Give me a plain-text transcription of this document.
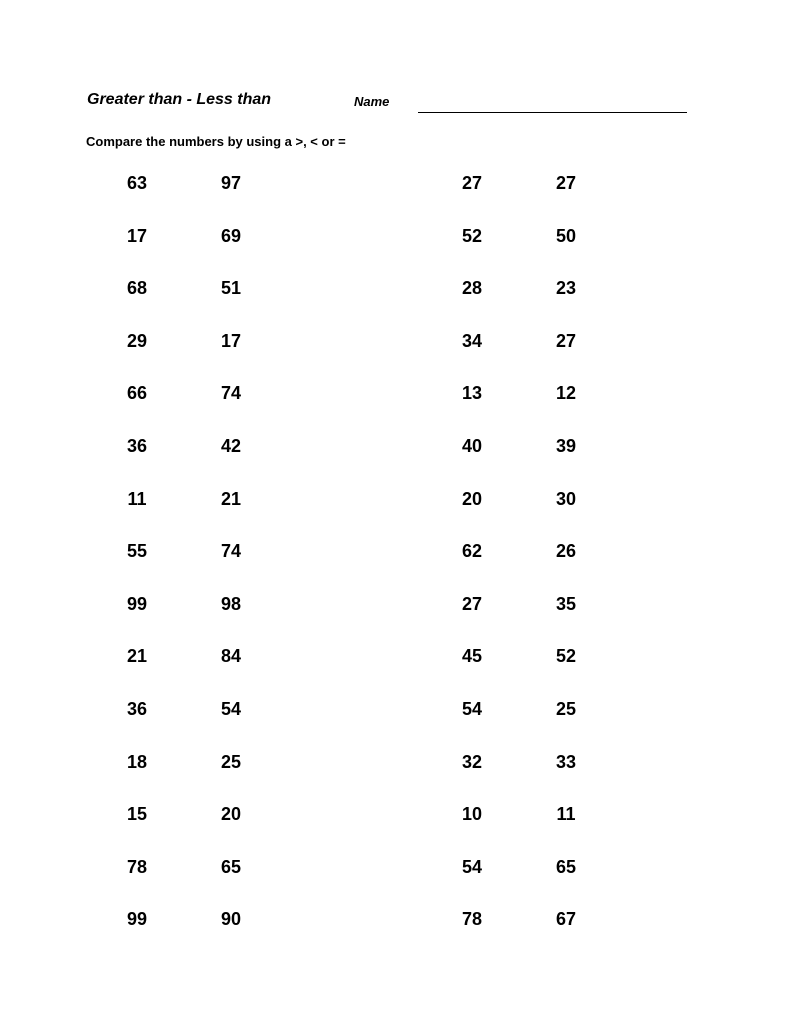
Greater than - Less than	Name
Compare the numbers by using a >, < or =
63	97	27	27
17	69	52	50
68	51	28	23
29	17	34	27
66	74	13	12
36	42	40	39
11	21	20	30
55	74	62	26
99	98	27	35
21	84	45	52
36	54	54	25
18	25	32	33
15	20	10	11
78	65	54	65
99	90	78	67
